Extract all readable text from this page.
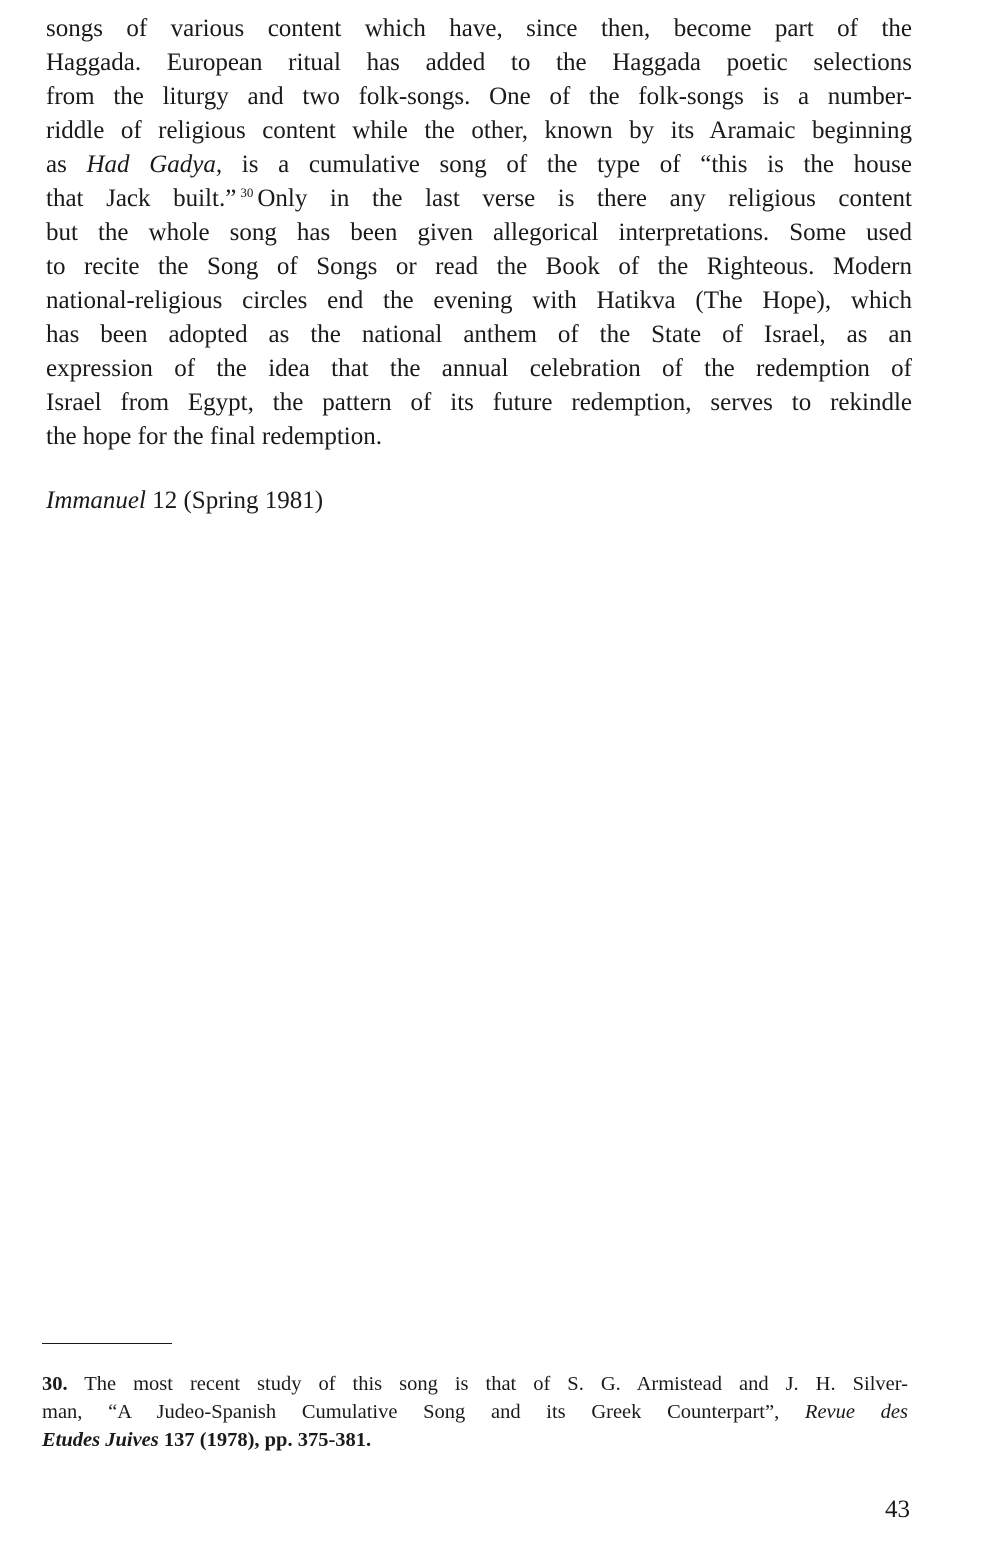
songs of various content which have, since then, become part of the
Haggada. European ritual has added to the Haggada poetic selections
from the liturgy and two folk-songs. One of the folk-songs is a number-
riddle of religious content while the other, known by its Aramaic beginning
as Had Gadya, is a cumulative song of the type of “this is the house
that Jack built.” $^{30}$ Only in the last verse is there any religious content
but the whole song has been given allegorical interpretations. Some used
to recite the Song of Songs or read the Book of the Righteous. Modern
national-religious circles end the evening with Hatikva (The Hope), which
has been adopted as the national anthem of the State of Israel, as an
expression of the idea that the annual celebration of the redemption of
Israel from Egypt, the pattern of its future redemption, serves to rekindle
the hope for the final redemption.

Immanuel 12 (Spring 1981)

30. The most recent study of this song is that of S. G. Armistead and J. H. Silver-
man, “A Judeo-Spanish Cumulative Song and its Greek Counterpart”, Revue des
Etudes Juives 137 (1978), pp. 375-381.

43
